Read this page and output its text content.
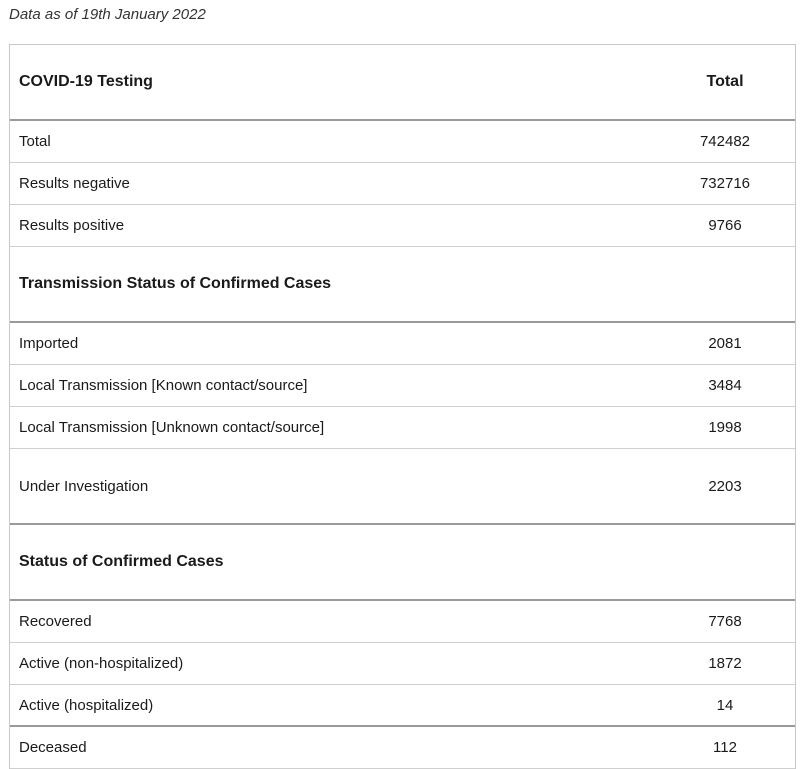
Data as of 19th January 2022
COVID-19 Testing	Total
Total	742482
Results negative	732716
Results positive	9766
Transmission Status of Confirmed Cases
Imported	2081
Local Transmission [Known contact/source]	3484
Local Transmission [Unknown contact/source]	1998
Under Investigation	2203
Status of Confirmed Cases
Recovered	7768
Active (non-hospitalized)	1872
Active (hospitalized)	14
Deceased	112
